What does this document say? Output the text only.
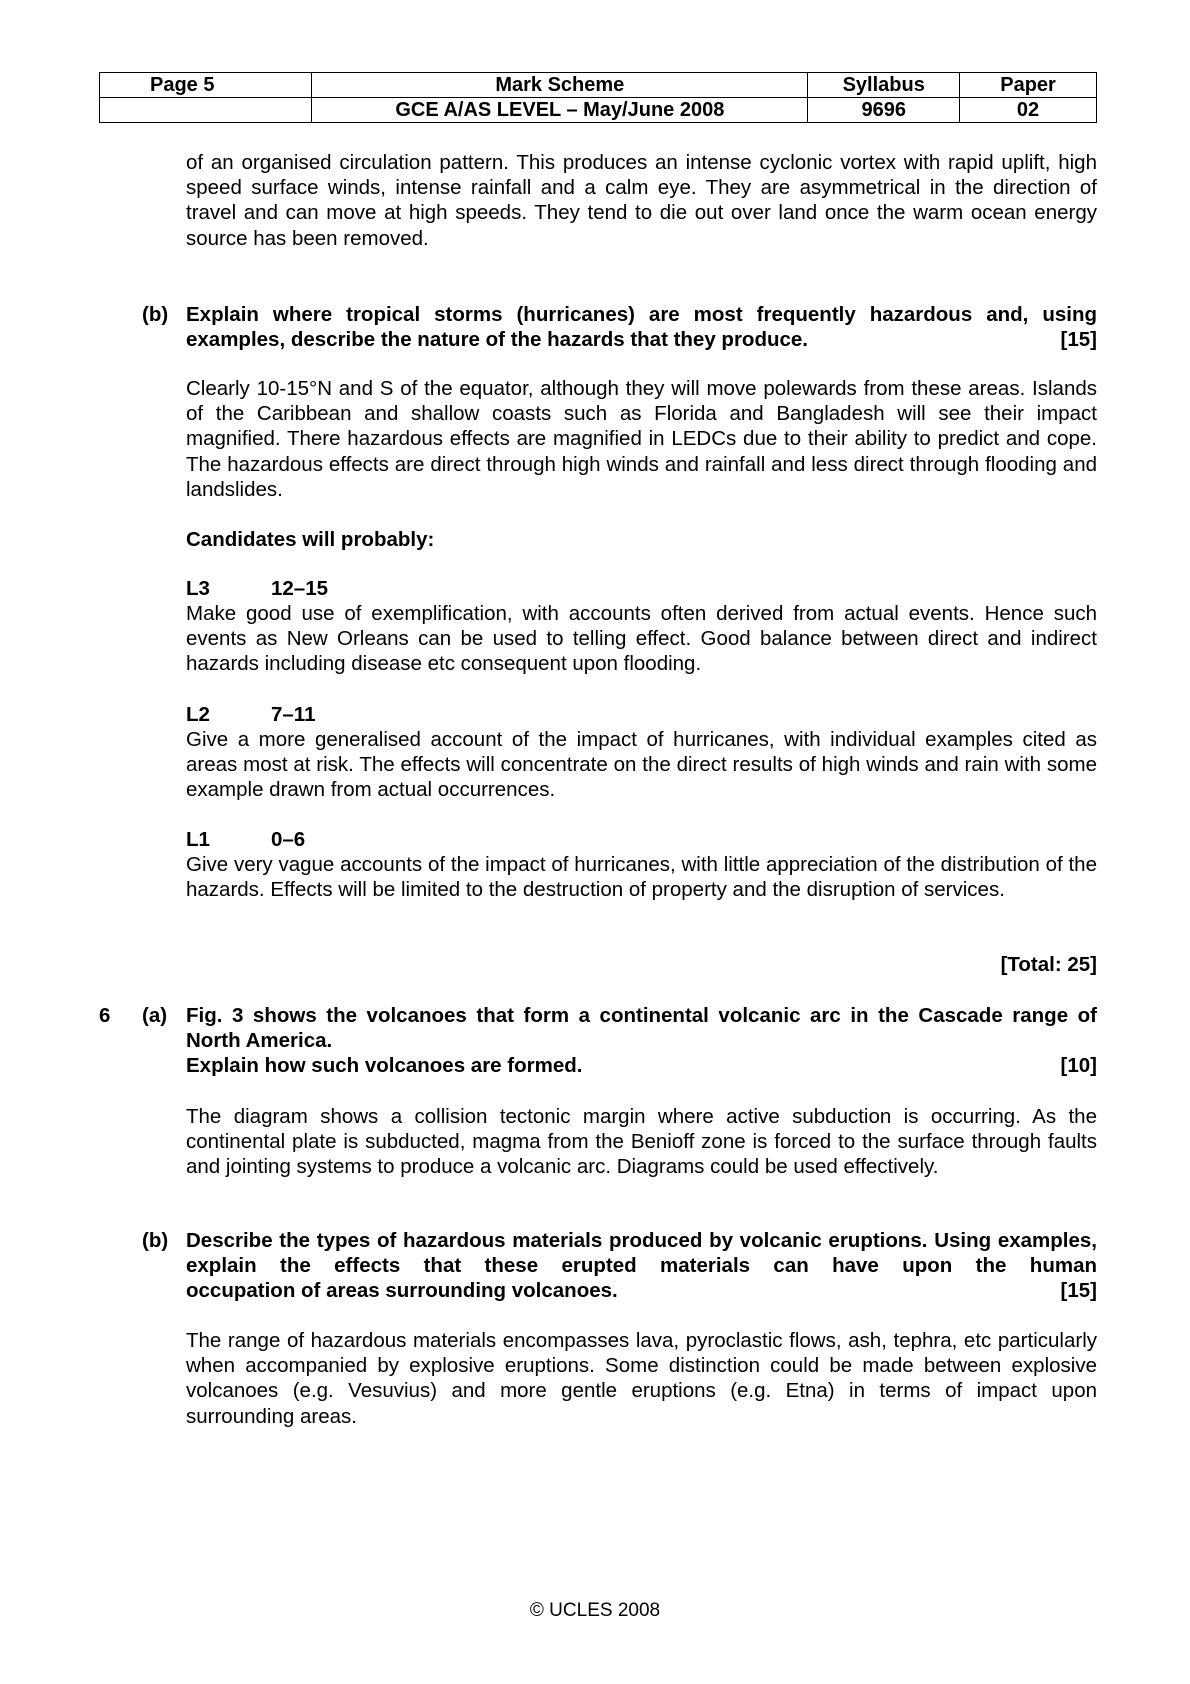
Page 5	Mark Scheme	Syllabus	Paper
	GCE A/AS LEVEL – May/June 2008	9696	02
of an organised circulation pattern. This produces an intense cyclonic vortex with rapid uplift, high speed surface winds, intense rainfall and a calm eye. They are asymmetrical in the direction of travel and can move at high speeds. They tend to die out over land once the warm ocean energy source has been removed.
(b) Explain where tropical storms (hurricanes) are most frequently hazardous and, using
examples, describe the nature of the hazards that they produce.	[15]
Clearly 10-15°N and S of the equator, although they will move polewards from these areas. Islands of the Caribbean and shallow coasts such as Florida and Bangladesh will see their impact magnified. There hazardous effects are magnified in LEDCs due to their ability to predict and cope. The hazardous effects are direct through high winds and rainfall and less direct through flooding and landslides.
Candidates will probably:
L3	12–15
Make good use of exemplification, with accounts often derived from actual events. Hence such events as New Orleans can be used to telling effect. Good balance between direct and indirect hazards including disease etc consequent upon flooding.
L2	7–11
Give a more generalised account of the impact of hurricanes, with individual examples cited as areas most at risk. The effects will concentrate on the direct results of high winds and rain with some example drawn from actual occurrences.
L1	0–6
Give very vague accounts of the impact of hurricanes, with little appreciation of the distribution of the hazards. Effects will be limited to the destruction of property and the disruption of services.
[Total: 25]
6 (a) Fig. 3 shows the volcanoes that form a continental volcanic arc in the Cascade range of North America.
Explain how such volcanoes are formed.	[10]
The diagram shows a collision tectonic margin where active subduction is occurring. As the continental plate is subducted, magma from the Benioff zone is forced to the surface through faults and jointing systems to produce a volcanic arc. Diagrams could be used effectively.
(b) Describe the types of hazardous materials produced by volcanic eruptions. Using examples, explain the effects that these erupted materials can have upon the human
occupation of areas surrounding volcanoes.	[15]
The range of hazardous materials encompasses lava, pyroclastic flows, ash, tephra, etc particularly when accompanied by explosive eruptions. Some distinction could be made between explosive volcanoes (e.g. Vesuvius) and more gentle eruptions (e.g. Etna) in terms of impact upon surrounding areas.
© UCLES 2008
